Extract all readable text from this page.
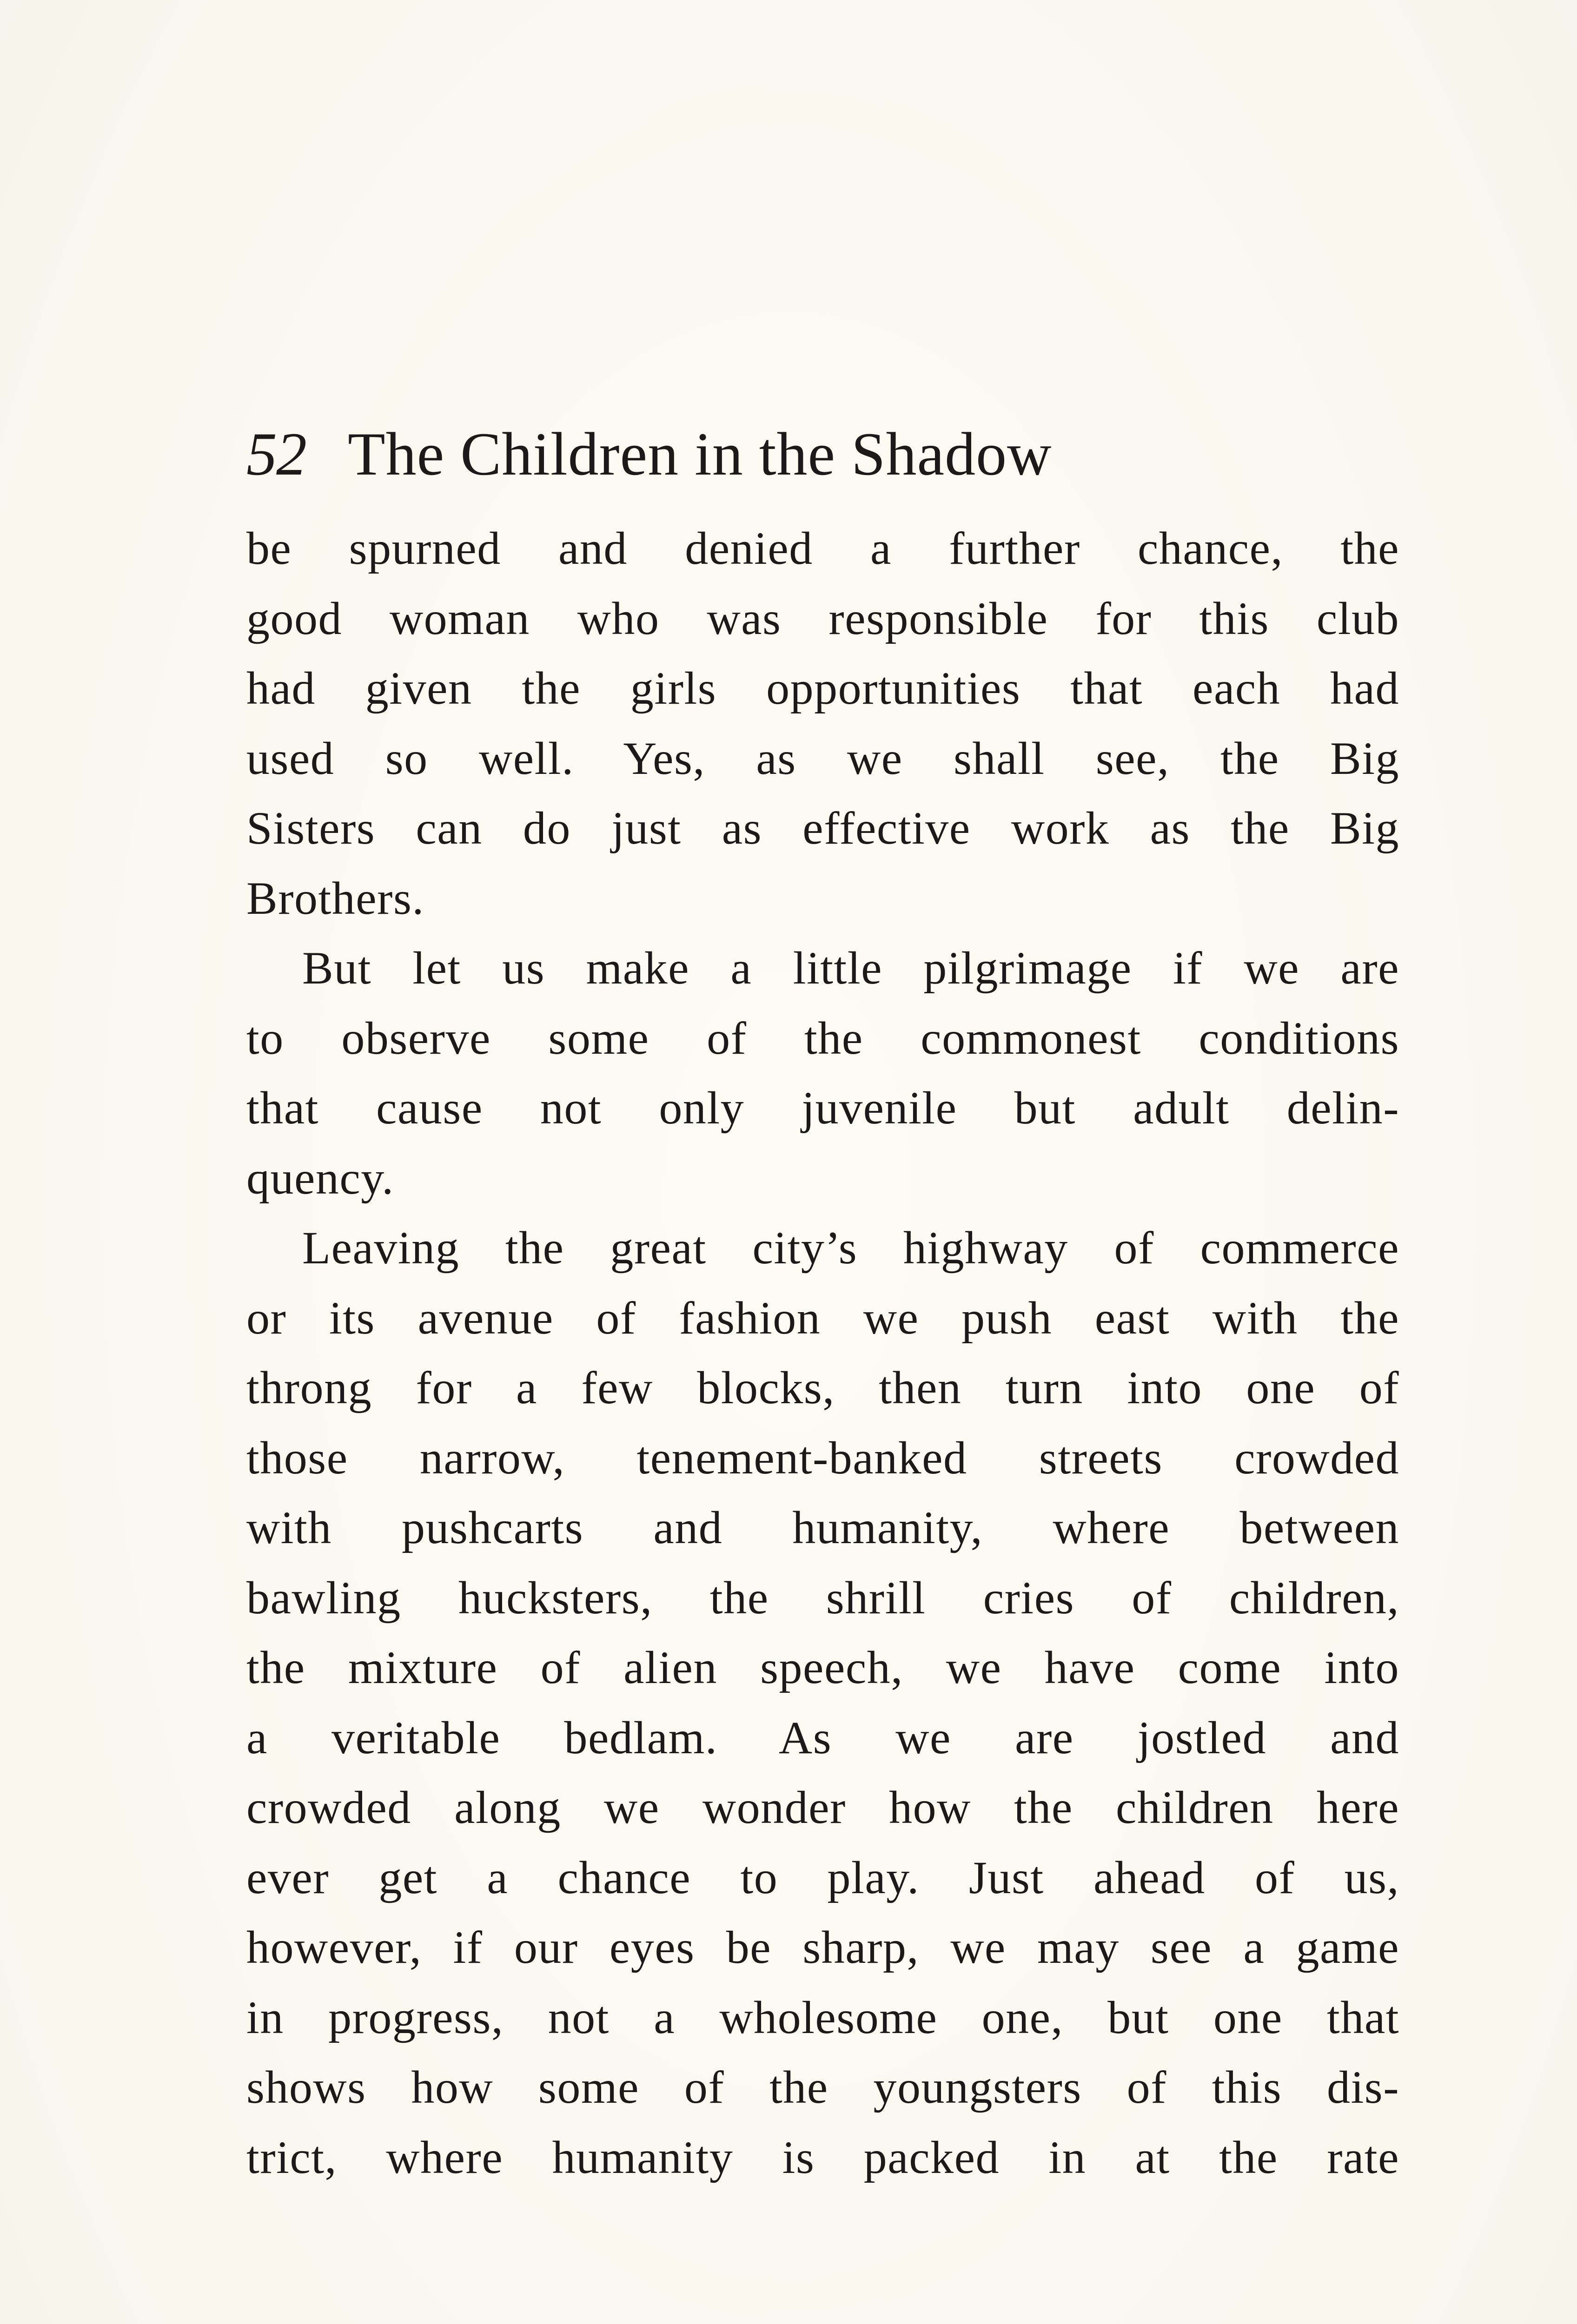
52 The Children in the Shadow
be spurned and denied a further chance, the
good woman who was responsible for this club
had given the girls opportunities that each had
used so well. Yes, as we shall see, the Big
Sisters can do just as effective work as the Big
Brothers.
But let us make a little pilgrimage if we are
to observe some of the commonest conditions
that cause not only juvenile but adult delin-
quency.
Leaving the great city’s highway of commerce
or its avenue of fashion we push east with the
throng for a few blocks, then turn into one of
those narrow, tenement-banked streets crowded
with pushcarts and humanity, where between
bawling hucksters, the shrill cries of children,
the mixture of alien speech, we have come into
a veritable bedlam. As we are jostled and
crowded along we wonder how the children here
ever get a chance to play. Just ahead of us,
however, if our eyes be sharp, we may see a game
in progress, not a wholesome one, but one that
shows how some of the youngsters of this dis-
trict, where humanity is packed in at the rate
